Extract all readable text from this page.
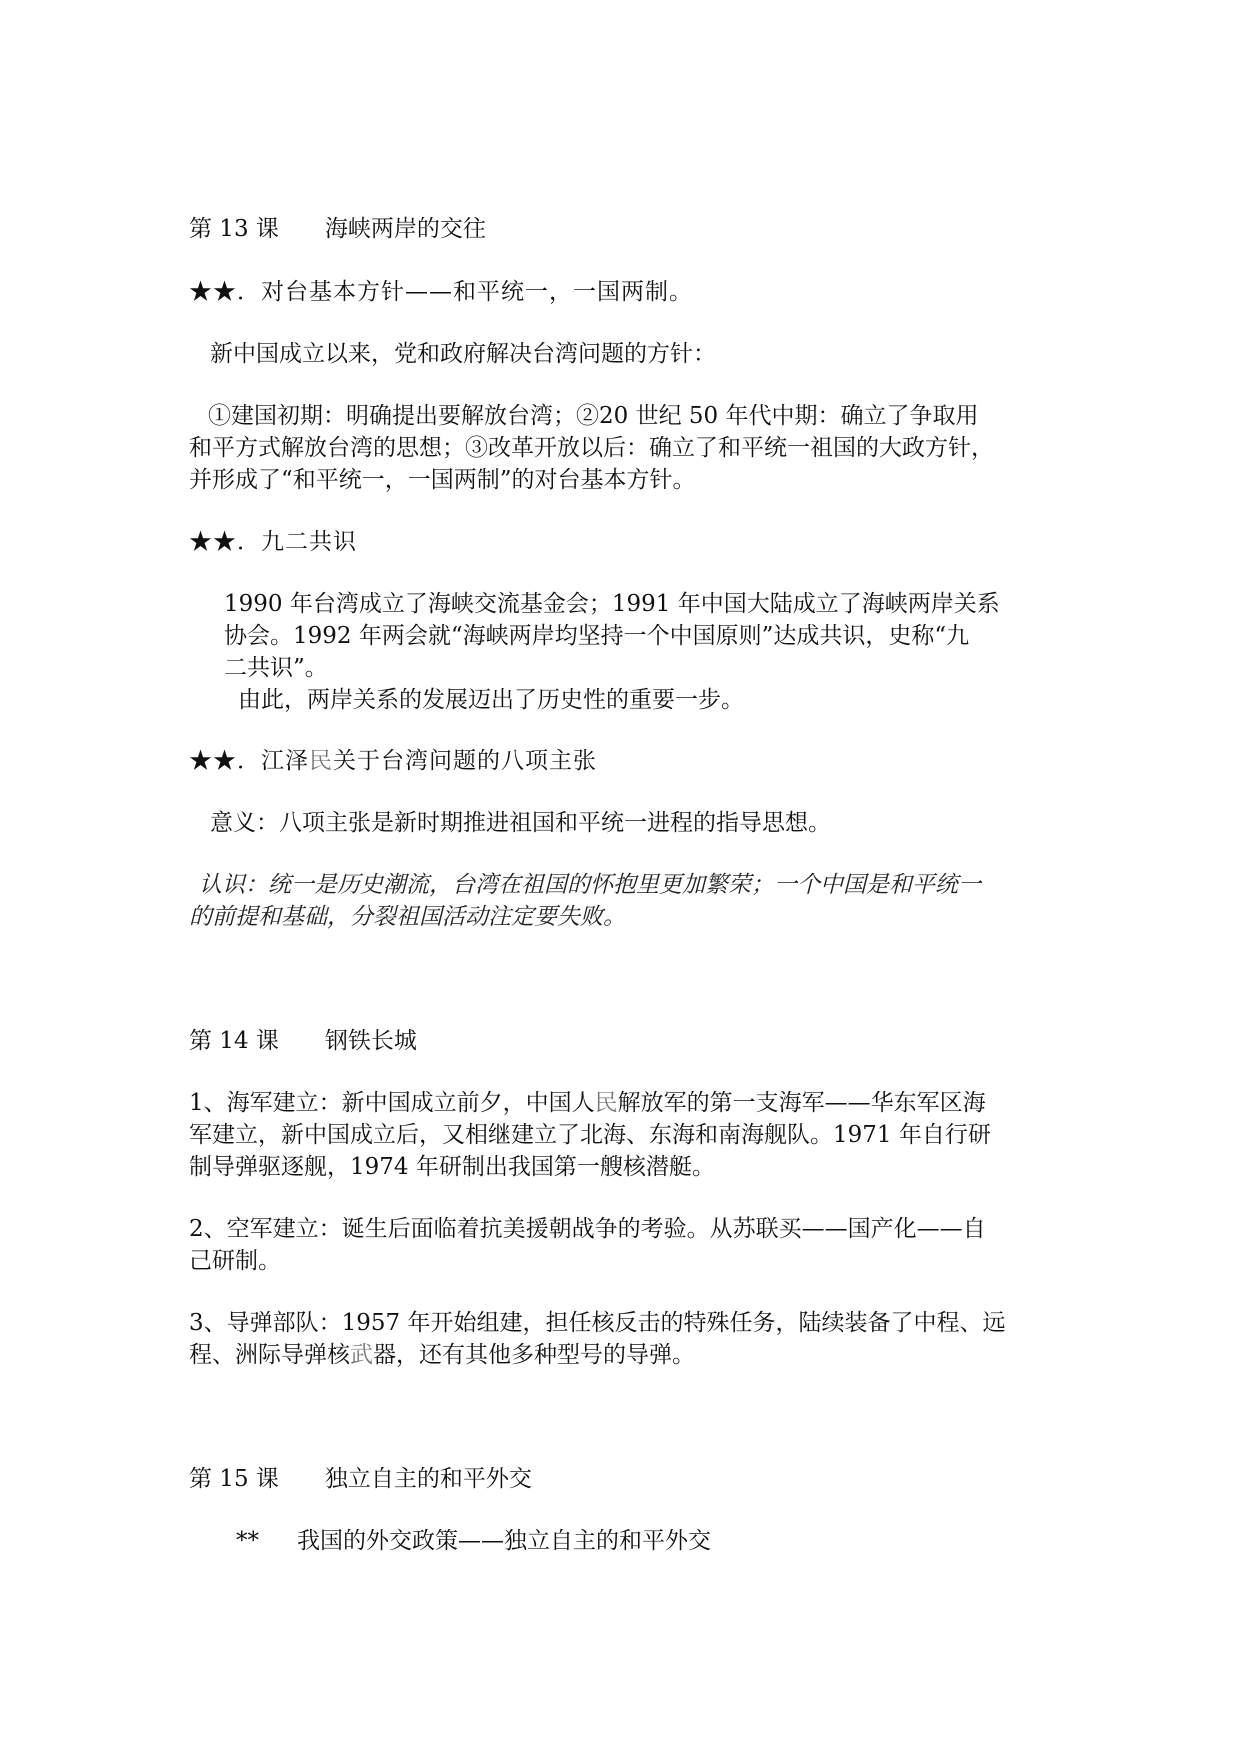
第 13 课　　海峡两岸的交往
★★．对台基本方针——和平统一，一国两制。
新中国成立以来，党和政府解决台湾问题的方针：
①建国初期：明确提出要解放台湾；②20 世纪 50 年代中期：确立了争取用
和平方式解放台湾的思想；③改革开放以后：确立了和平统一祖国的大政方针，
并形成了“和平统一，一国两制”的对台基本方针。
★★．九二共识
1990 年台湾成立了海峡交流基金会；1991 年中国大陆成立了海峡两岸关系
协会。1992 年两会就“海峡两岸均坚持一个中国原则”达成共识，史称“九
二共识”。
由此，两岸关系的发展迈出了历史性的重要一步。
★★．江泽民关于台湾问题的八项主张
意义：八项主张是新时期推进祖国和平统一进程的指导思想。
认识：统一是历史潮流，台湾在祖国的怀抱里更加繁荣；一个中国是和平统一
的前提和基础，分裂祖国活动注定要失败。
第 14 课　　钢铁长城
1、海军建立：新中国成立前夕，中国人民解放军的第一支海军——华东军区海
军建立，新中国成立后，又相继建立了北海、东海和南海舰队。1971 年自行研
制导弹驱逐舰，1974 年研制出我国第一艘核潜艇。
2、空军建立：诞生后面临着抗美援朝战争的考验。从苏联买——国产化——自
己研制。
3、导弹部队：1957 年开始组建，担任核反击的特殊任务，陆续装备了中程、远
程、洲际导弹核武器，还有其他多种型号的导弹。
第 15 课　　独立自主的和平外交
** 我国的外交政策——独立自主的和平外交
